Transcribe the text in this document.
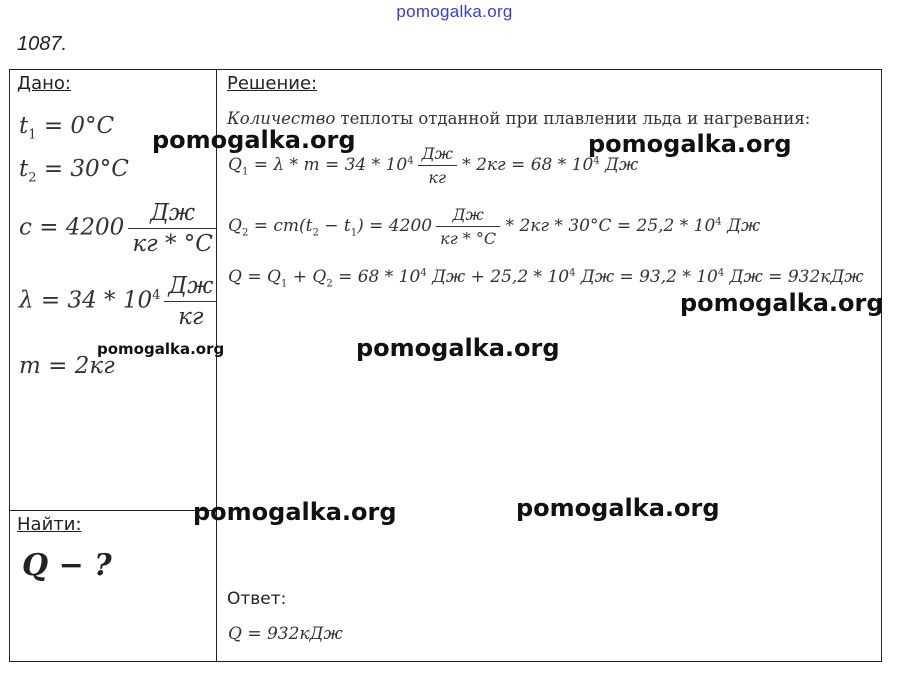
pomogalka.org
1087.
Дано:
$t_1 = 0^\circ C$
$t_2 = 30^\circ C$
$c = 4200 \frac{Дж}{кг * ^\circ C}$
$\lambda = 34 * 10^4 \frac{Дж}{кг}$
m = 2кг
Найти:
Q − ?
Решение:
Количество теплоты отданной при плавлении льда и нагревания:
$Q_1 = \lambda * m = 34 * 10^4 \frac{Дж}{кг} * 2кг = 68 * 10^4$ Дж
$Q_2 = cm(t_2 - t_1) = 4200 \frac{Дж}{кг * ^\circ C} * 2кг * 30^\circ C = 25,2 * 10^4$ Дж
$Q = Q_1 + Q_2 = 68 * 10^4$ Дж + $25,2 * 10^4$ Дж = $93,2 * 10^4$ Дж = 932кДж
Ответ:
Q = 932кДж
pomogalka.org	pomogalka.org
pomogalka.org
pomogalka.org	pomogalka.org
pomogalka.org	pomogalka.org
